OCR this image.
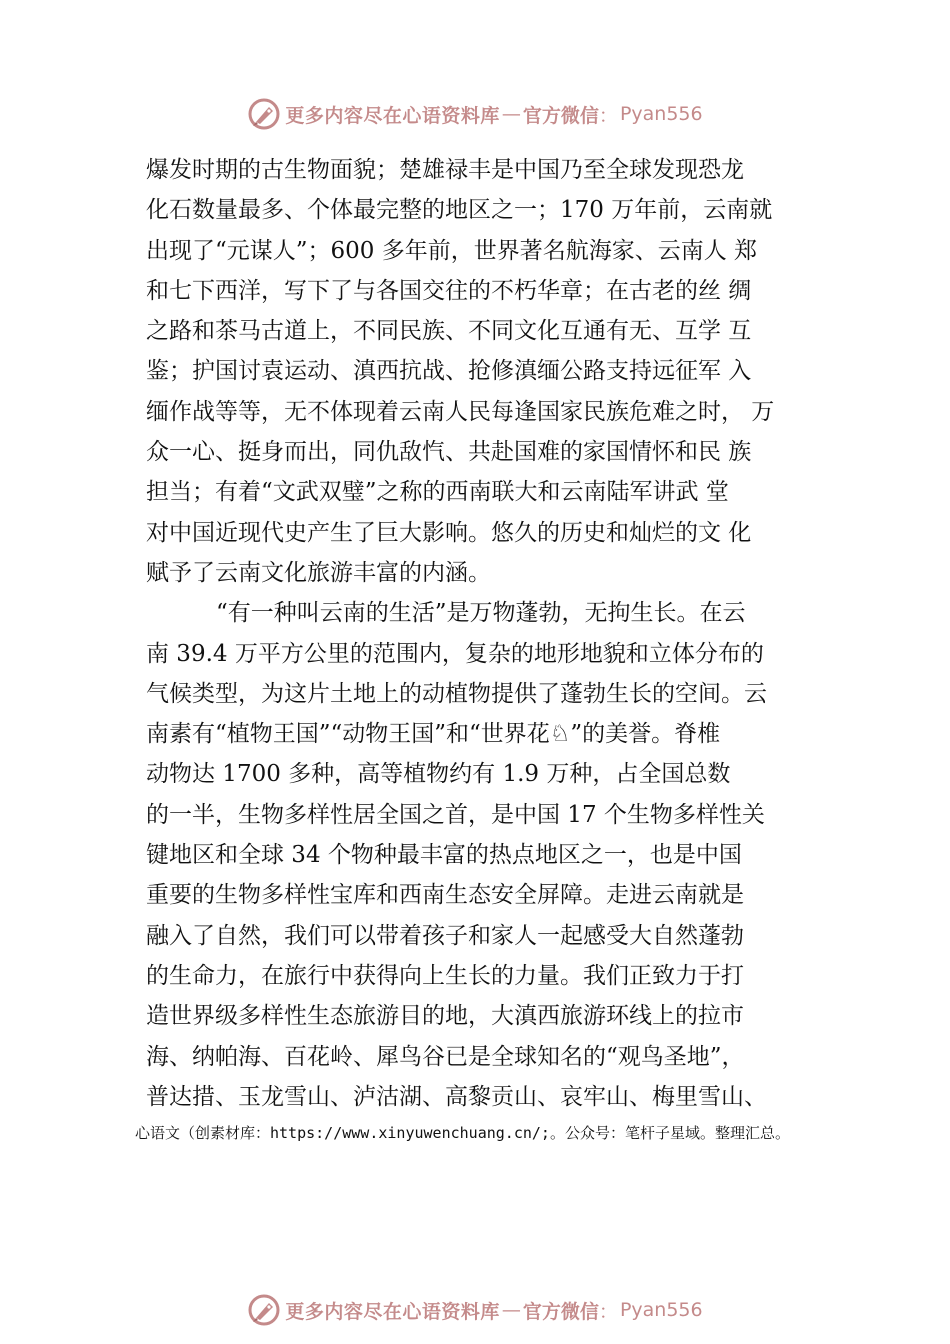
更多内容尽在心语资料库 — 官方微信 ： Pyan556
爆发时期的古生物面貌；楚雄禄丰是中国乃至全球发现恐龙
化石数量最多、个体最完整的地区之一；170 万年前，云南就
出现了“元谋人”；600 多年前，世界著名航海家、云南人 郑
和七下西洋，写下了与各国交往的不朽华章；在古老的丝 绸
之路和茶马古道上，不同民族、不同文化互通有无、互学 互
鉴；护国讨袁运动、滇西抗战、抢修滇缅公路支持远征军 入
缅作战等等，无不体现着云南人民每逢国家民族危难之时， 万
众一心、挺身而出，同仇敌忾、共赴国难的家国情怀和民 族
担当；有着“文武双璧”之称的西南联大和云南陆军讲武 堂
对中国近现代史产生了巨大影响。悠久的历史和灿烂的文 化
赋予了云南文化旅游丰富的内涵。
“有一种叫云南的生活”是万物蓬勃，无拘生长。在云
南 39.4 万平方公里的范围内，复杂的地形地貌和立体分布的
气候类型，为这片土地上的动植物提供了蓬勃生长的空间。云
南素有“植物王国”“动物王国”和“世界花♘”的美誉。脊椎
动物达 1700 多种，高等植物约有 1.9 万种，占全国总数
的一半，生物多样性居全国之首，是中国 17 个生物多样性关
键地区和全球 34 个物种最丰富的热点地区之一，也是中国
重要的生物多样性宝库和西南生态安全屏障。走进云南就是
融入了自然，我们可以带着孩子和家人一起感受大自然蓬勃
的生命力，在旅行中获得向上生长的力量。我们正致力于打
造世界级多样性生态旅游目的地，大滇西旅游环线上的拉市
海、纳帕海、百花岭、犀鸟谷已是全球知名的“观鸟圣地”，
普达措、玉龙雪山、泸沽湖、高黎贡山、哀牢山、梅里雪山、
心语文（创素材库：https://www.xinyuwenchuang.cn/;。公众号：笔杆子星域。整理汇总。
更多内容尽在心语资料库 — 官方微信 ： Pyan556
